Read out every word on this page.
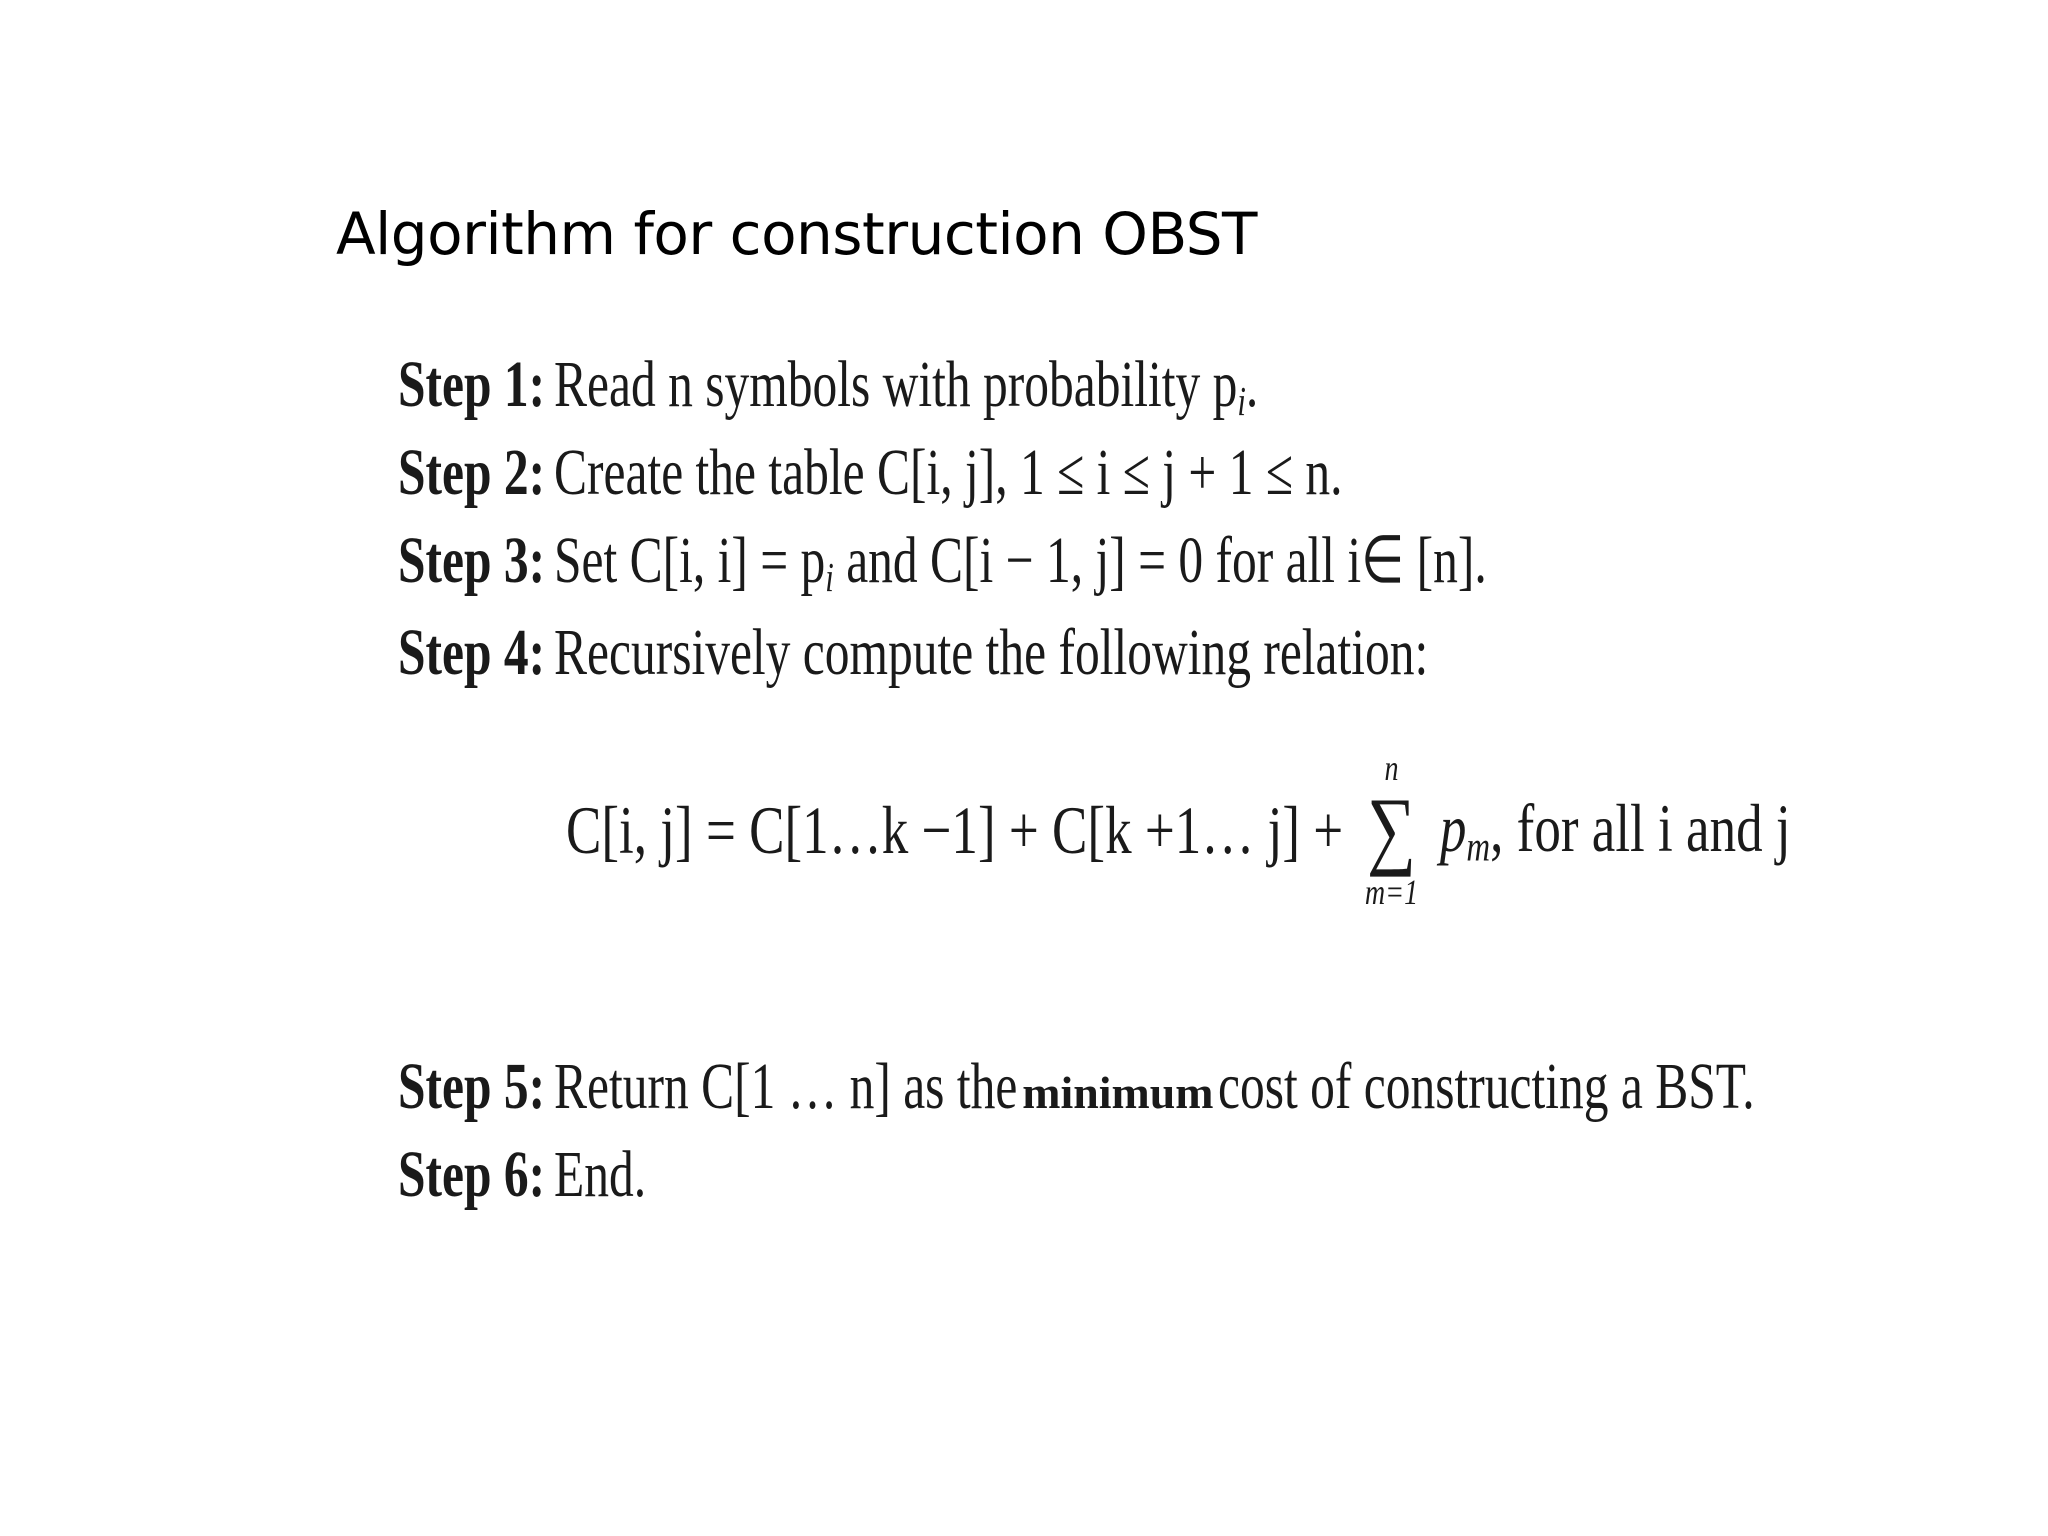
Algorithm for construction OBST
Step 1: Read n symbols with probability $p_i$.
Step 2: Create the table C[i, j], 1 ≤ i ≤ j + 1 ≤ n.
Step 3: Set C[i, $i] = p_i$ and C[i − 1, j] = 0 for all i∈ [n].
Step 4: Recursively compute the following relation:
Step 5: Return C[1 … n] as the minimumcost of constructing a BST.
Step 6: End.
C[i, j] = C[1…k −1] + C[k +1… j] +
n
∑
m=1
$p_m$, for all i and j
